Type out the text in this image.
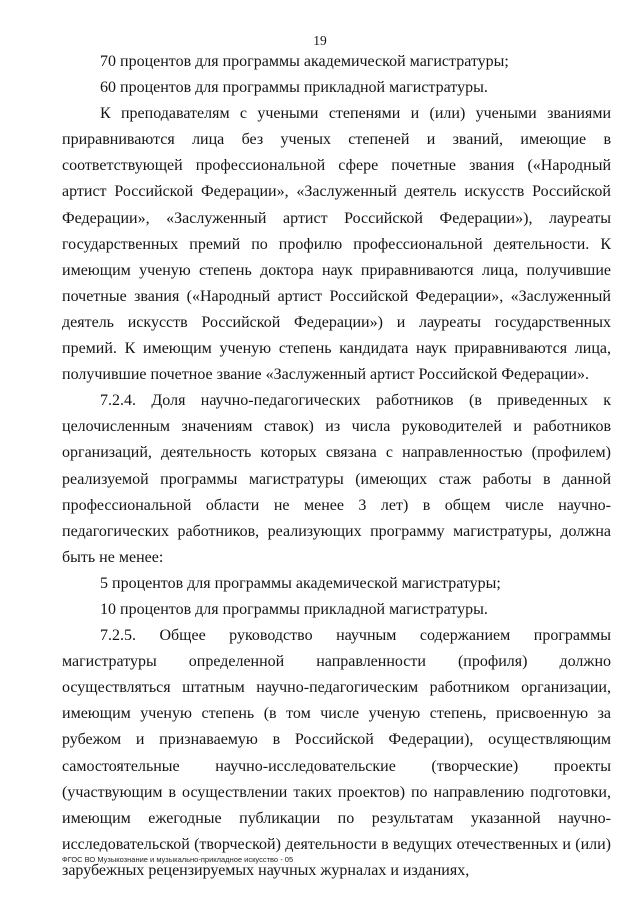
19

70 процентов для программы академической магистратуры;

60 процентов для программы прикладной магистратуры.

К преподавателям с учеными степенями и (или) учеными званиями приравниваются лица без ученых степеней и званий, имеющие в соответствующей профессиональной сфере почетные звания («Народный артист Российской Федерации», «Заслуженный деятель искусств Российской Федерации», «Заслуженный артист Российской Федерации»), лауреаты государственных премий по профилю профессиональной деятельности. К имеющим ученую степень доктора наук приравниваются лица, получившие почетные звания («Народный артист Российской Федерации», «Заслуженный деятель искусств Российской Федерации») и лауреаты государственных премий. К имеющим ученую степень кандидата наук приравниваются лица, получившие почетное звание «Заслуженный артист Российской Федерации».

7.2.4. Доля научно-педагогических работников (в приведенных к целочисленным значениям ставок) из числа руководителей и работников организаций, деятельность которых связана с направленностью (профилем) реализуемой программы магистратуры (имеющих стаж работы в данной профессиональной области не менее 3 лет) в общем числе научно-педагогических работников, реализующих программу магистратуры, должна быть не менее:

5 процентов для программы академической магистратуры;

10 процентов для программы прикладной магистратуры.

7.2.5. Общее руководство научным содержанием программы магистратуры определенной направленности (профиля) должно осуществляться штатным научно-педагогическим работником организации, имеющим ученую степень (в том числе ученую степень, присвоенную за рубежом и признаваемую в Российской Федерации), осуществляющим самостоятельные научно-исследовательские (творческие) проекты (участвующим в осуществлении таких проектов) по направлению подготовки, имеющим ежегодные публикации по результатам указанной научно-исследовательской (творческой) деятельности в ведущих отечественных и (или) зарубежных рецензируемых научных журналах и изданиях,

ФГОС ВО Музыкознание и музыкально-прикладное искусство - 05
